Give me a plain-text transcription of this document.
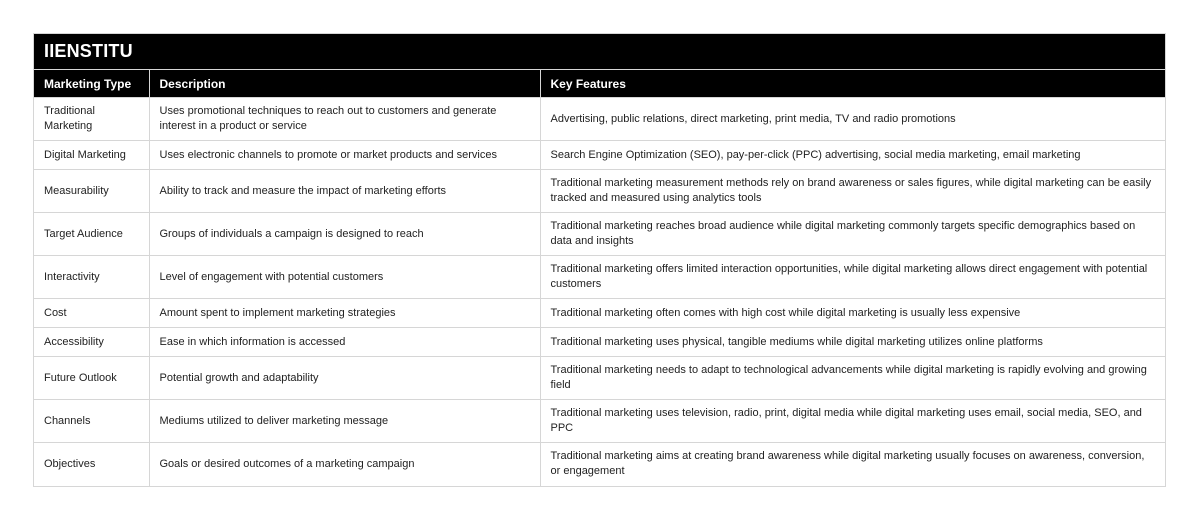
IIENSTITU
Marketing Type	Description	Key Features
Traditional Marketing	Uses promotional techniques to reach out to customers and generate interest in a product or service	Advertising, public relations, direct marketing, print media, TV and radio promotions
Digital Marketing	Uses electronic channels to promote or market products and services	Search Engine Optimization (SEO), pay-per-click (PPC) advertising, social media marketing, email marketing
Measurability	Ability to track and measure the impact of marketing efforts	Traditional marketing measurement methods rely on brand awareness or sales figures, while digital marketing can be easily tracked and measured using analytics tools
Target Audience	Groups of individuals a campaign is designed to reach	Traditional marketing reaches broad audience while digital marketing commonly targets specific demographics based on data and insights
Interactivity	Level of engagement with potential customers	Traditional marketing offers limited interaction opportunities, while digital marketing allows direct engagement with potential customers
Cost	Amount spent to implement marketing strategies	Traditional marketing often comes with high cost while digital marketing is usually less expensive
Accessibility	Ease in which information is accessed	Traditional marketing uses physical, tangible mediums while digital marketing utilizes online platforms
Future Outlook	Potential growth and adaptability	Traditional marketing needs to adapt to technological advancements while digital marketing is rapidly evolving and growing field
Channels	Mediums utilized to deliver marketing message	Traditional marketing uses television, radio, print, digital media while digital marketing uses email, social media, SEO, and PPC
Objectives	Goals or desired outcomes of a marketing campaign	Traditional marketing aims at creating brand awareness while digital marketing usually focuses on awareness, conversion, or engagement
